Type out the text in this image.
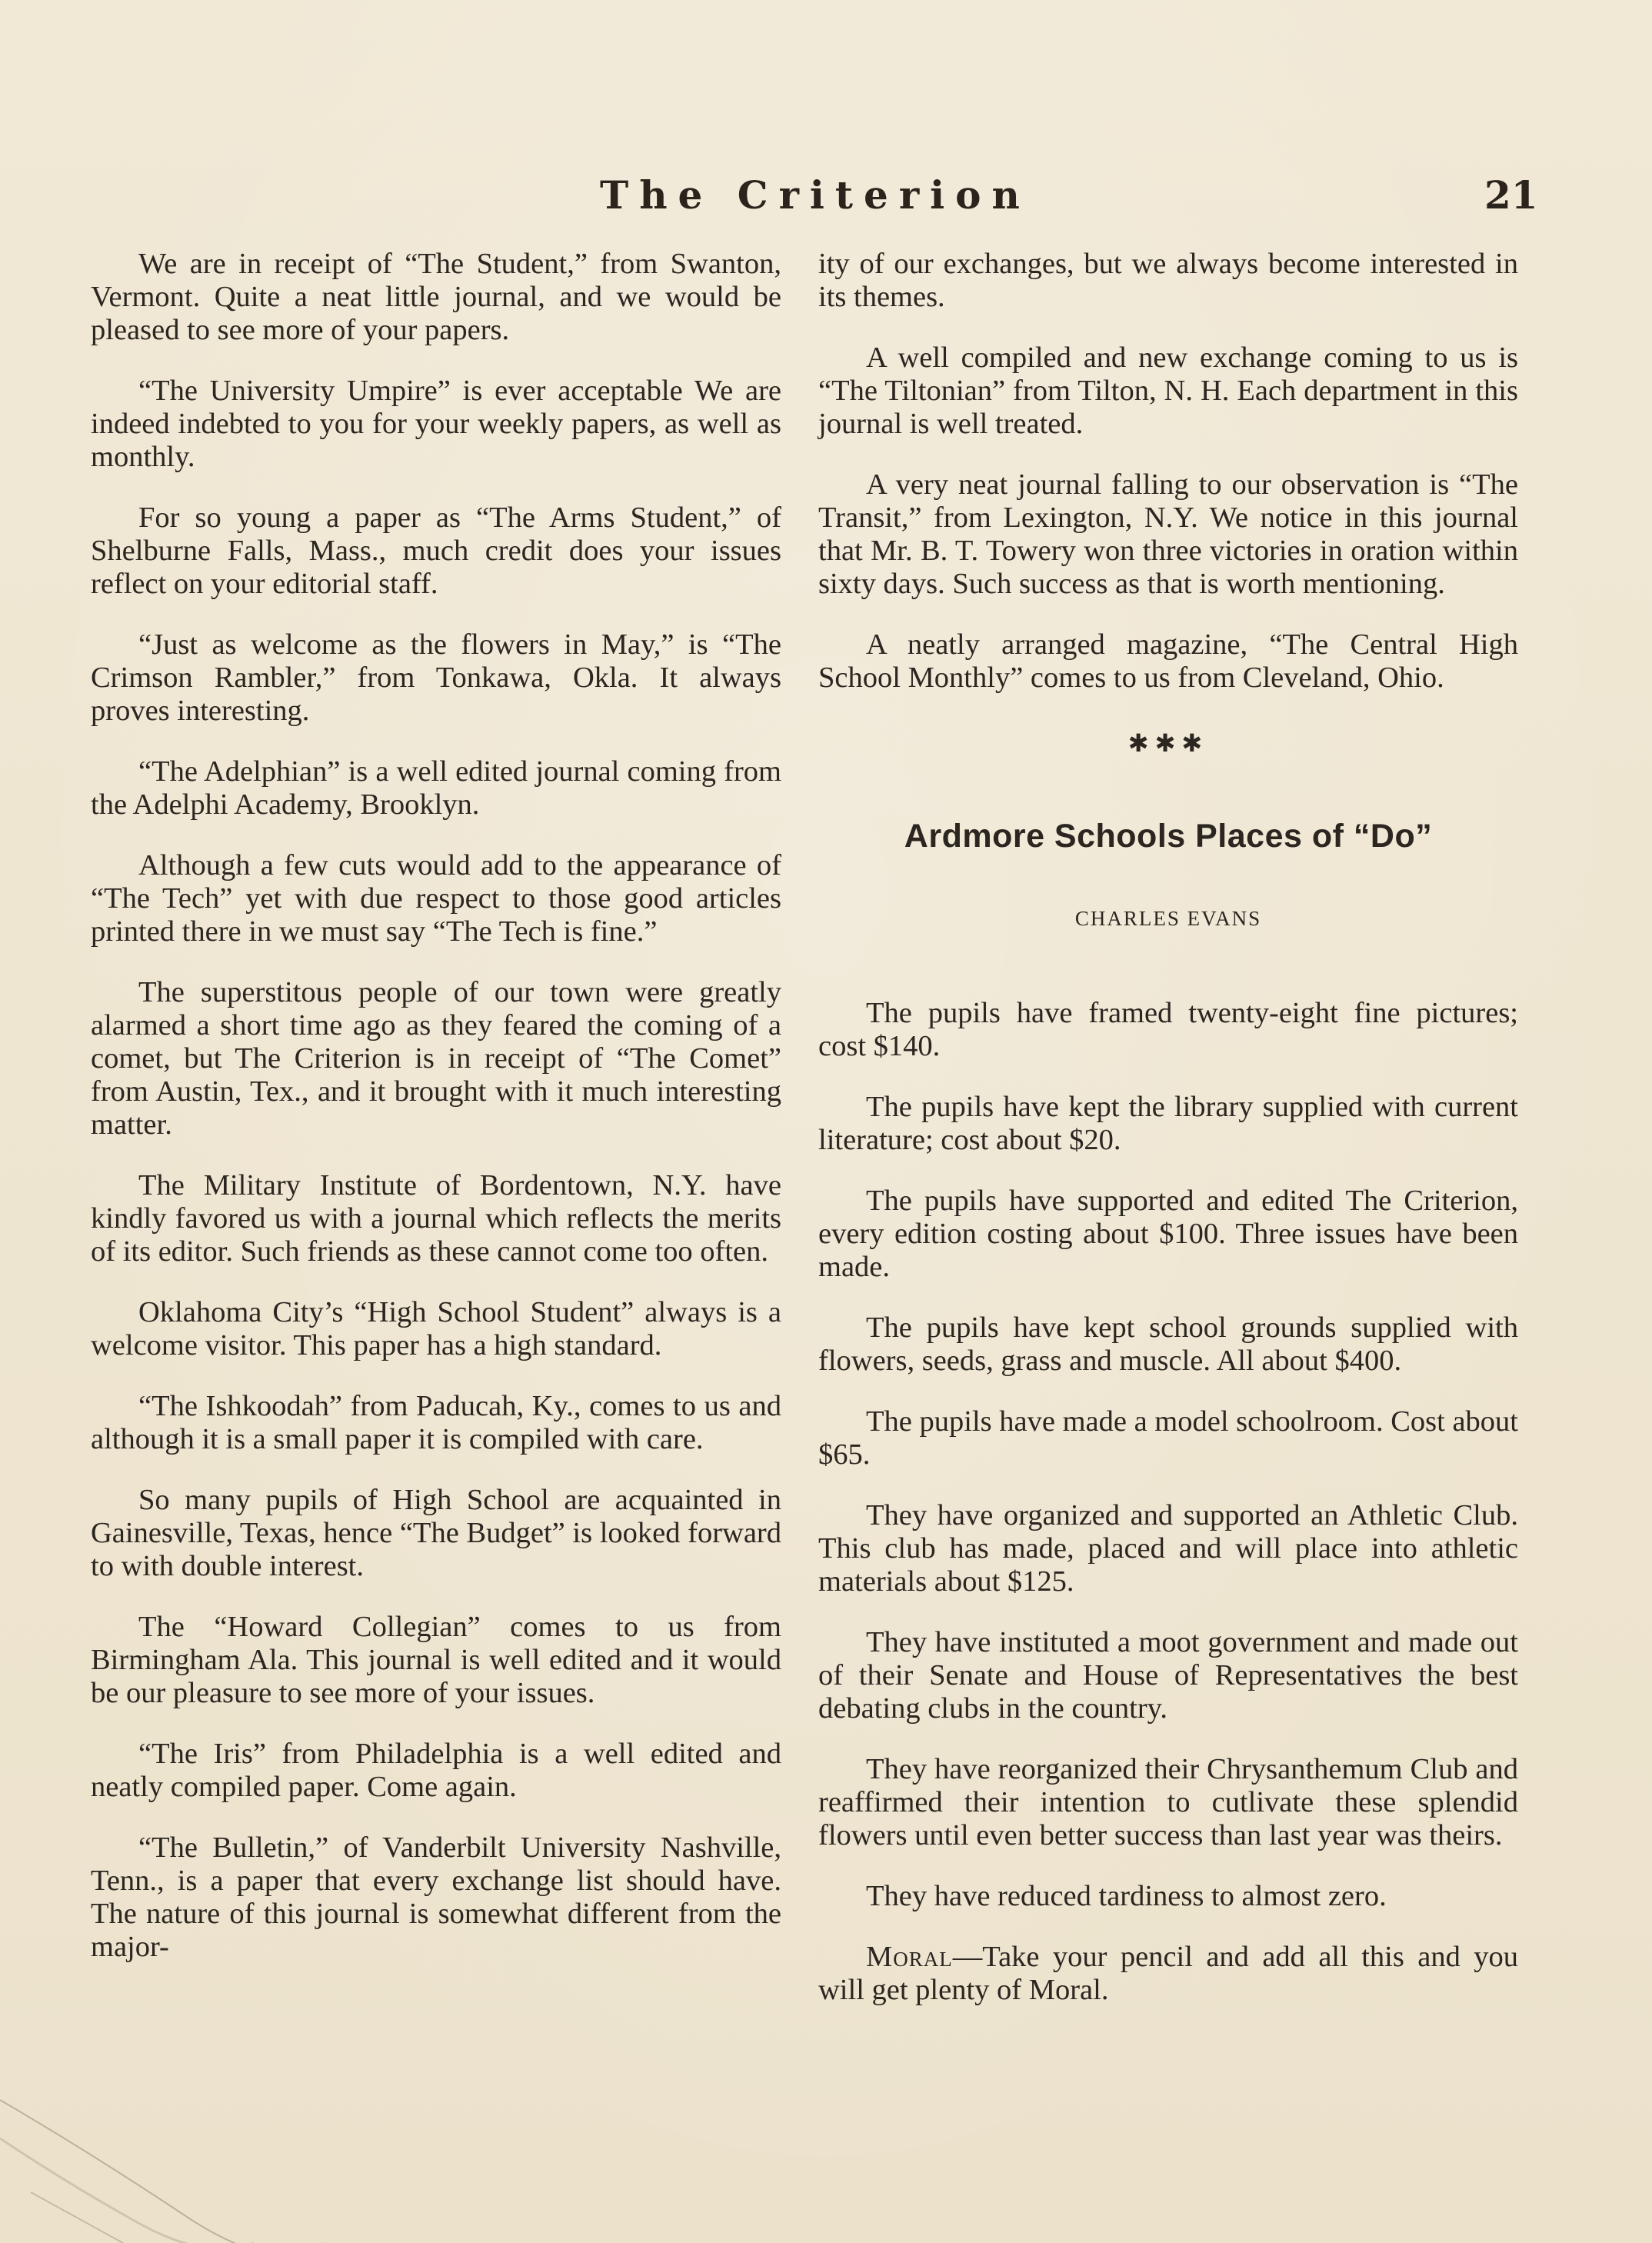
The Criterion	21

We are in receipt of “The Student,” from Swanton, Vermont. Quite a neat little journal, and we would be pleased to see more of your papers.

“The University Umpire” is ever acceptable We are indeed indebted to you for your weekly papers, as well as monthly.

For so young a paper as “The Arms Student,” of Shelburne Falls, Mass., much credit does your issues reflect on your editorial staff.

“Just as welcome as the flowers in May,” is “The Crimson Rambler,” from Tonkawa, Okla. It always proves interesting.

“The Adelphian” is a well edited journal coming from the Adelphi Academy, Brooklyn.

Although a few cuts would add to the appearance of “The Tech” yet with due respect to those good articles printed there in we must say “The Tech is fine.”

The superstitous people of our town were greatly alarmed a short time ago as they feared the coming of a comet, but The Criterion is in receipt of “The Comet” from Austin, Tex., and it brought with it much interesting matter.

The Military Institute of Bordentown, N.Y. have kindly favored us with a journal which reflects the merits of its editor. Such friends as these cannot come too often.

Oklahoma City’s “High School Student” always is a welcome visitor. This paper has a high standard.

“The Ishkoodah” from Paducah, Ky., comes to us and although it is a small paper it is compiled with care.

So many pupils of High School are acquainted in Gainesville, Texas, hence “The Budget” is looked forward to with double interest.

The “Howard Collegian” comes to us from Birmingham Ala. This journal is well edited and it would be our pleasure to see more of your issues.

“The Iris” from Philadelphia is a well edited and neatly compiled paper. Come again.

“The Bulletin,” of Vanderbilt University Nashville, Tenn., is a paper that every exchange list should have. The nature of this journal is somewhat different from the major-

ity of our exchanges, but we always become interested in its themes.

A well compiled and new exchange coming to us is “The Tiltonian” from Tilton, N. H. Each department in this journal is well treated.

A very neat journal falling to our observation is “The Transit,” from Lexington, N.Y. We notice in this journal that Mr. B. T. Towery won three victories in oration within sixty days. Such success as that is worth mentioning.

A neatly arranged magazine, “The Central High School Monthly” comes to us from Cleveland, Ohio.

✱✱✱
Ardmore Schools Places of “Do”
CHARLES EVANS

The pupils have framed twenty-eight fine pictures; cost $140.

The pupils have kept the library supplied with current literature; cost about $20.

The pupils have supported and edited The Criterion, every edition costing about $100. Three issues have been made.

The pupils have kept school grounds supplied with flowers, seeds, grass and muscle. All about $400.

The pupils have made a model schoolroom. Cost about $65.

They have organized and supported an Athletic Club. This club has made, placed and will place into athletic materials about $125.

They have instituted a moot government and made out of their Senate and House of Representatives the best debating clubs in the country.

They have reorganized their Chrysanthemum Club and reaffirmed their intention to cutlivate these splendid flowers until even better success than last year was theirs.

They have reduced tardiness to almost zero.

Moral—Take your pencil and add all this and you will get plenty of Moral.
